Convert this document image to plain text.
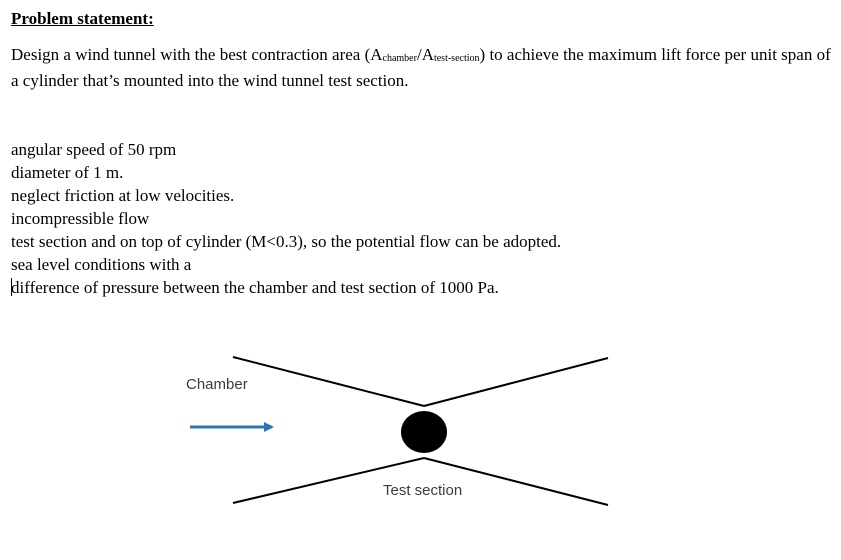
Problem statement:

Design a wind tunnel with the best contraction area $(A_{chamber}/A_{test-section})$ to achieve the maximum lift force per unit span of a cylinder that’s mounted into the wind tunnel test section.

angular speed of 50 rpm
diameter of 1 m.
neglect friction at low velocities.
incompressible flow
test section and on top of cylinder (M<0.3), so the potential flow can be adopted.
sea level conditions with a
difference of pressure between the chamber and test section of 1000 Pa.
Chamber
Test section
